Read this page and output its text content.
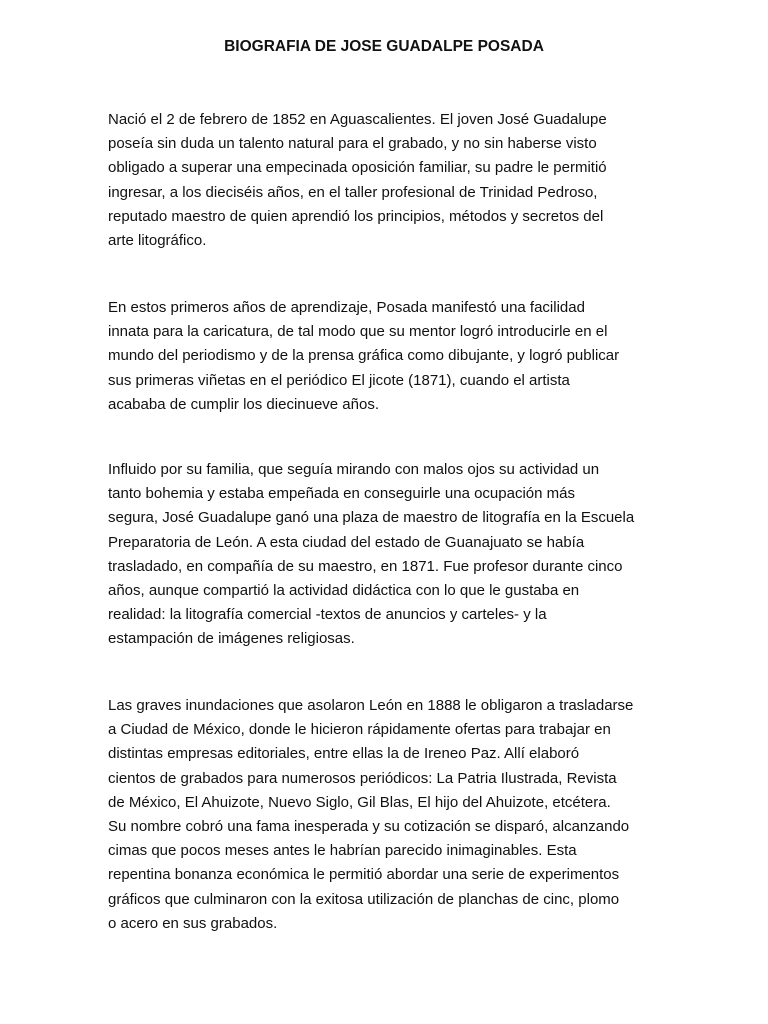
BIOGRAFIA DE JOSE GUADALPE POSADA

Nació el 2 de febrero de 1852 en Aguascalientes. El joven José Guadalupe
poseía sin duda un talento natural para el grabado, y no sin haberse visto
obligado a superar una empecinada oposición familiar, su padre le permitió
ingresar, a los dieciséis años, en el taller profesional de Trinidad Pedroso,
reputado maestro de quien aprendió los principios, métodos y secretos del
arte litográfico.

En estos primeros años de aprendizaje, Posada manifestó una facilidad
innata para la caricatura, de tal modo que su mentor logró introducirle en el
mundo del periodismo y de la prensa gráfica como dibujante, y logró publicar
sus primeras viñetas en el periódico El jicote (1871), cuando el artista
acababa de cumplir los diecinueve años.

Influido por su familia, que seguía mirando con malos ojos su actividad un
tanto bohemia y estaba empeñada en conseguirle una ocupación más
segura, José Guadalupe ganó una plaza de maestro de litografía en la Escuela
Preparatoria de León. A esta ciudad del estado de Guanajuato se había
trasladado, en compañía de su maestro, en 1871. Fue profesor durante cinco
años, aunque compartió la actividad didáctica con lo que le gustaba en
realidad: la litografía comercial -textos de anuncios y carteles- y la
estampación de imágenes religiosas.

Las graves inundaciones que asolaron León en 1888 le obligaron a trasladarse
a Ciudad de México, donde le hicieron rápidamente ofertas para trabajar en
distintas empresas editoriales, entre ellas la de Ireneo Paz. Allí elaboró
cientos de grabados para numerosos periódicos: La Patria Ilustrada, Revista
de México, El Ahuizote, Nuevo Siglo, Gil Blas, El hijo del Ahuizote, etcétera.
Su nombre cobró una fama inesperada y su cotización se disparó, alcanzando
cimas que pocos meses antes le habrían parecido inimaginables. Esta
repentina bonanza económica le permitió abordar una serie de experimentos
gráficos que culminaron con la exitosa utilización de planchas de cinc, plomo
o acero en sus grabados.
